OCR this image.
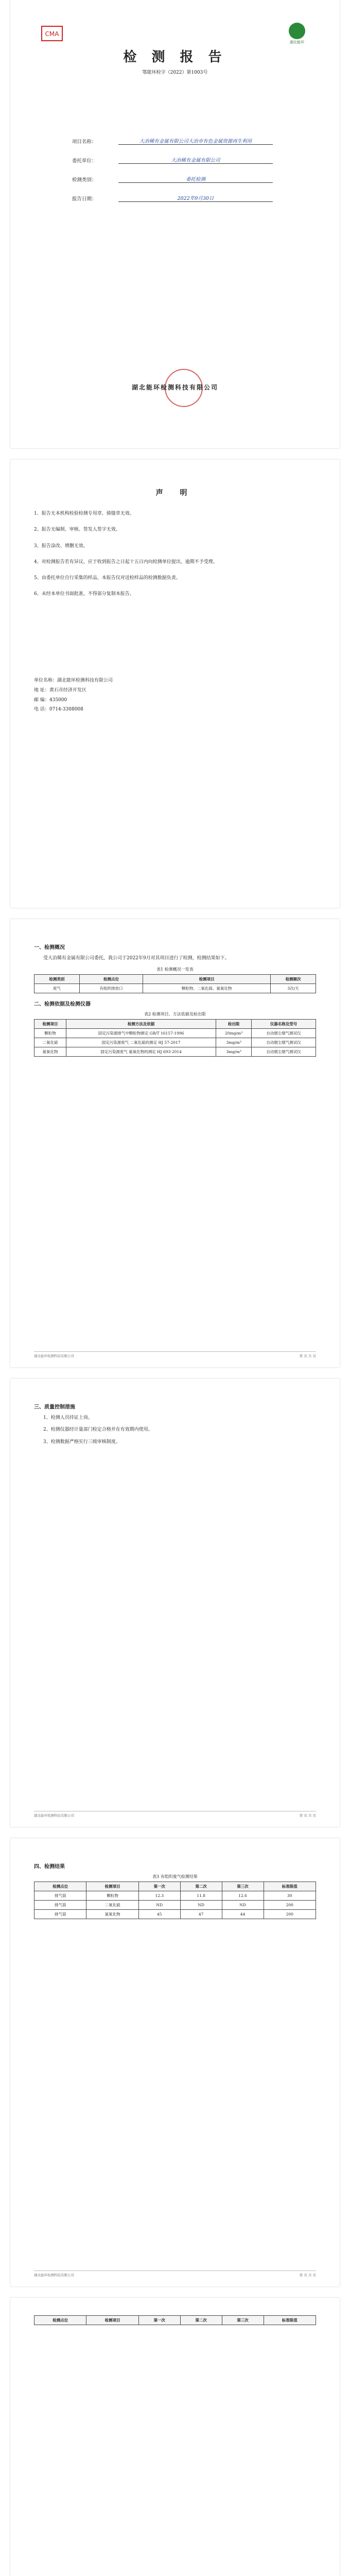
CMA
湖北能环
检 测 报 告
鄂能环检字（2022）第1003号
项目名称：	大冶稀有金属有限公司大冶市有色金属资源再生利用
委托单位：	大冶稀有金属有限公司
检测类别：	委托检测
报告日期：	2022年9月30日
湖北能环检测科技有限公司
声 明

1、报告无本机构检验检测专用章、骑缝章无效。

2、报告无编制、审核、签发人签字无效。

3、报告涂改、增删无效。

4、对检测报告若有异议，应于收到报告之日起十五日内向检测单位提出，逾期不予受理。

5、由委托单位自行采集的样品，本报告仅对送检样品的检测数据负责。

6、未经本单位书面批准，不得部分复制本报告。

单位名称：湖北能环检测科技有限公司
地 址：黄石市经济开发区
邮 编：435000
电 话：0714-3308008
一、检测概况

受大冶稀有金属有限公司委托，我公司于2022年9月对其项目进行了检测，检测结果如下。

表1 检测概况一览表
检测类别	检测点位	检测项目	检测频次
废气	有组织排放口	颗粒物、二氧化硫、氮氧化物	3次/天
二、检测依据及检测仪器
表2 检测项目、方法依据及检出限
检测项目	检测方法及依据	检出限	仪器名称及型号
颗粒物	固定污染源排气中颗粒物测定 GB/T 16157-1996	20mg/m³	自动烟尘烟气测试仪
二氧化硫	固定污染源废气 二氧化硫的测定 HJ 57-2017	3mg/m³	自动烟尘烟气测试仪
氮氧化物	固定污染源废气 氮氧化物的测定 HJ 693-2014	3mg/m³	自动烟尘烟气测试仪
湖北能环检测科技有限公司	第 页 共 页
三、质量控制措施

1、检测人员持证上岗。

2、检测仪器经计量部门检定合格并在有效期内使用。

3、检测数据严格实行三级审核制度。

湖北能环检测科技有限公司	第 页 共 页
四、检测结果
表3 有组织废气检测结果
检测点位	检测项目	第一次	第二次	第三次	标准限值
排气筒	颗粒物	12.3	11.8	12.6	30
排气筒	二氧化硫	ND	ND	ND	200
排气筒	氮氧化物	45	47	44	200
湖北能环检测科技有限公司	第 页 共 页
检测点位	检测项目	第一次	第二次	第三次	标准限值
